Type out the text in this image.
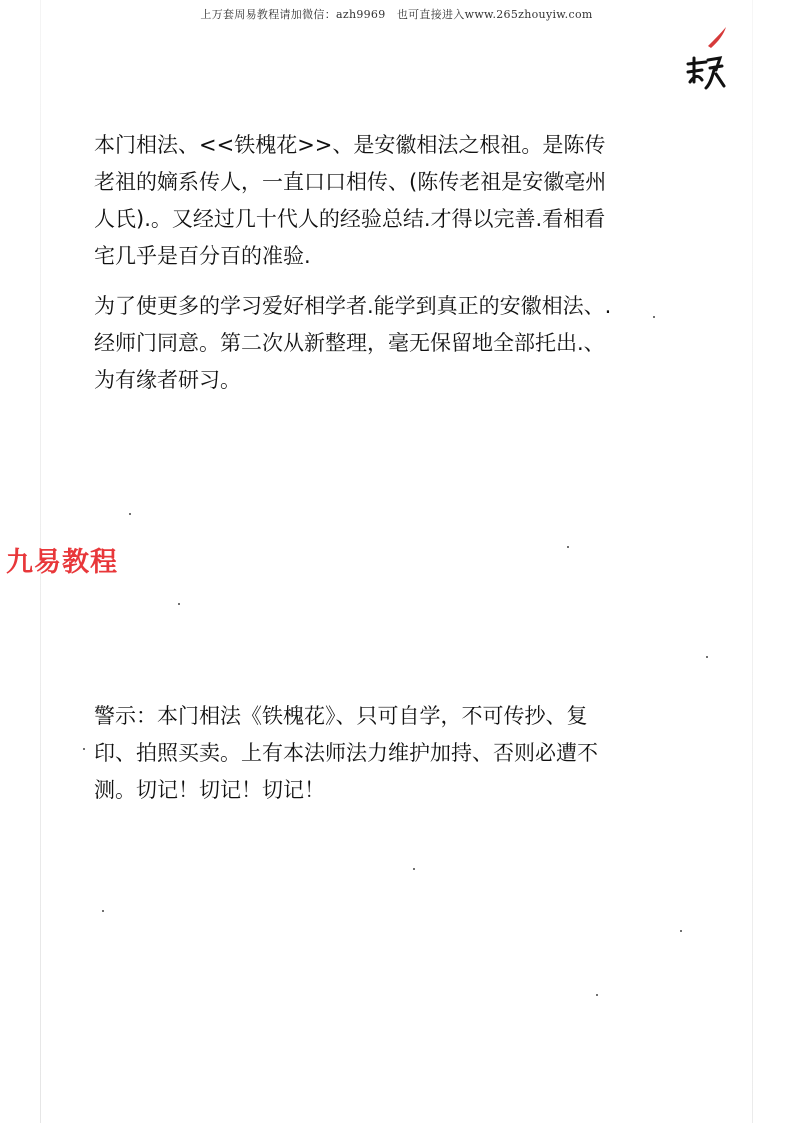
上万套周易教程请加微信：azh9969　也可直接进入www.265zhouyiw.com
本门相法、<<铁槐花>>、是安徽相法之根祖。是陈传
老祖的嫡系传人，一直口口相传、(陈传老祖是安徽亳州
人氏).。又经过几十代人的经验总结.才得以完善.看相看
宅几乎是百分百的准验.
为了使更多的学习爱好相学者.能学到真正的安徽相法、.
经师门同意。第二次从新整理，毫无保留地全部托出.、
为有缘者研习。
九易教程
警示：本门相法《铁槐花》、只可自学，不可传抄、复
印、拍照买卖。上有本法师法力维护加持、否则必遭不
测。切记！切记！切记！
